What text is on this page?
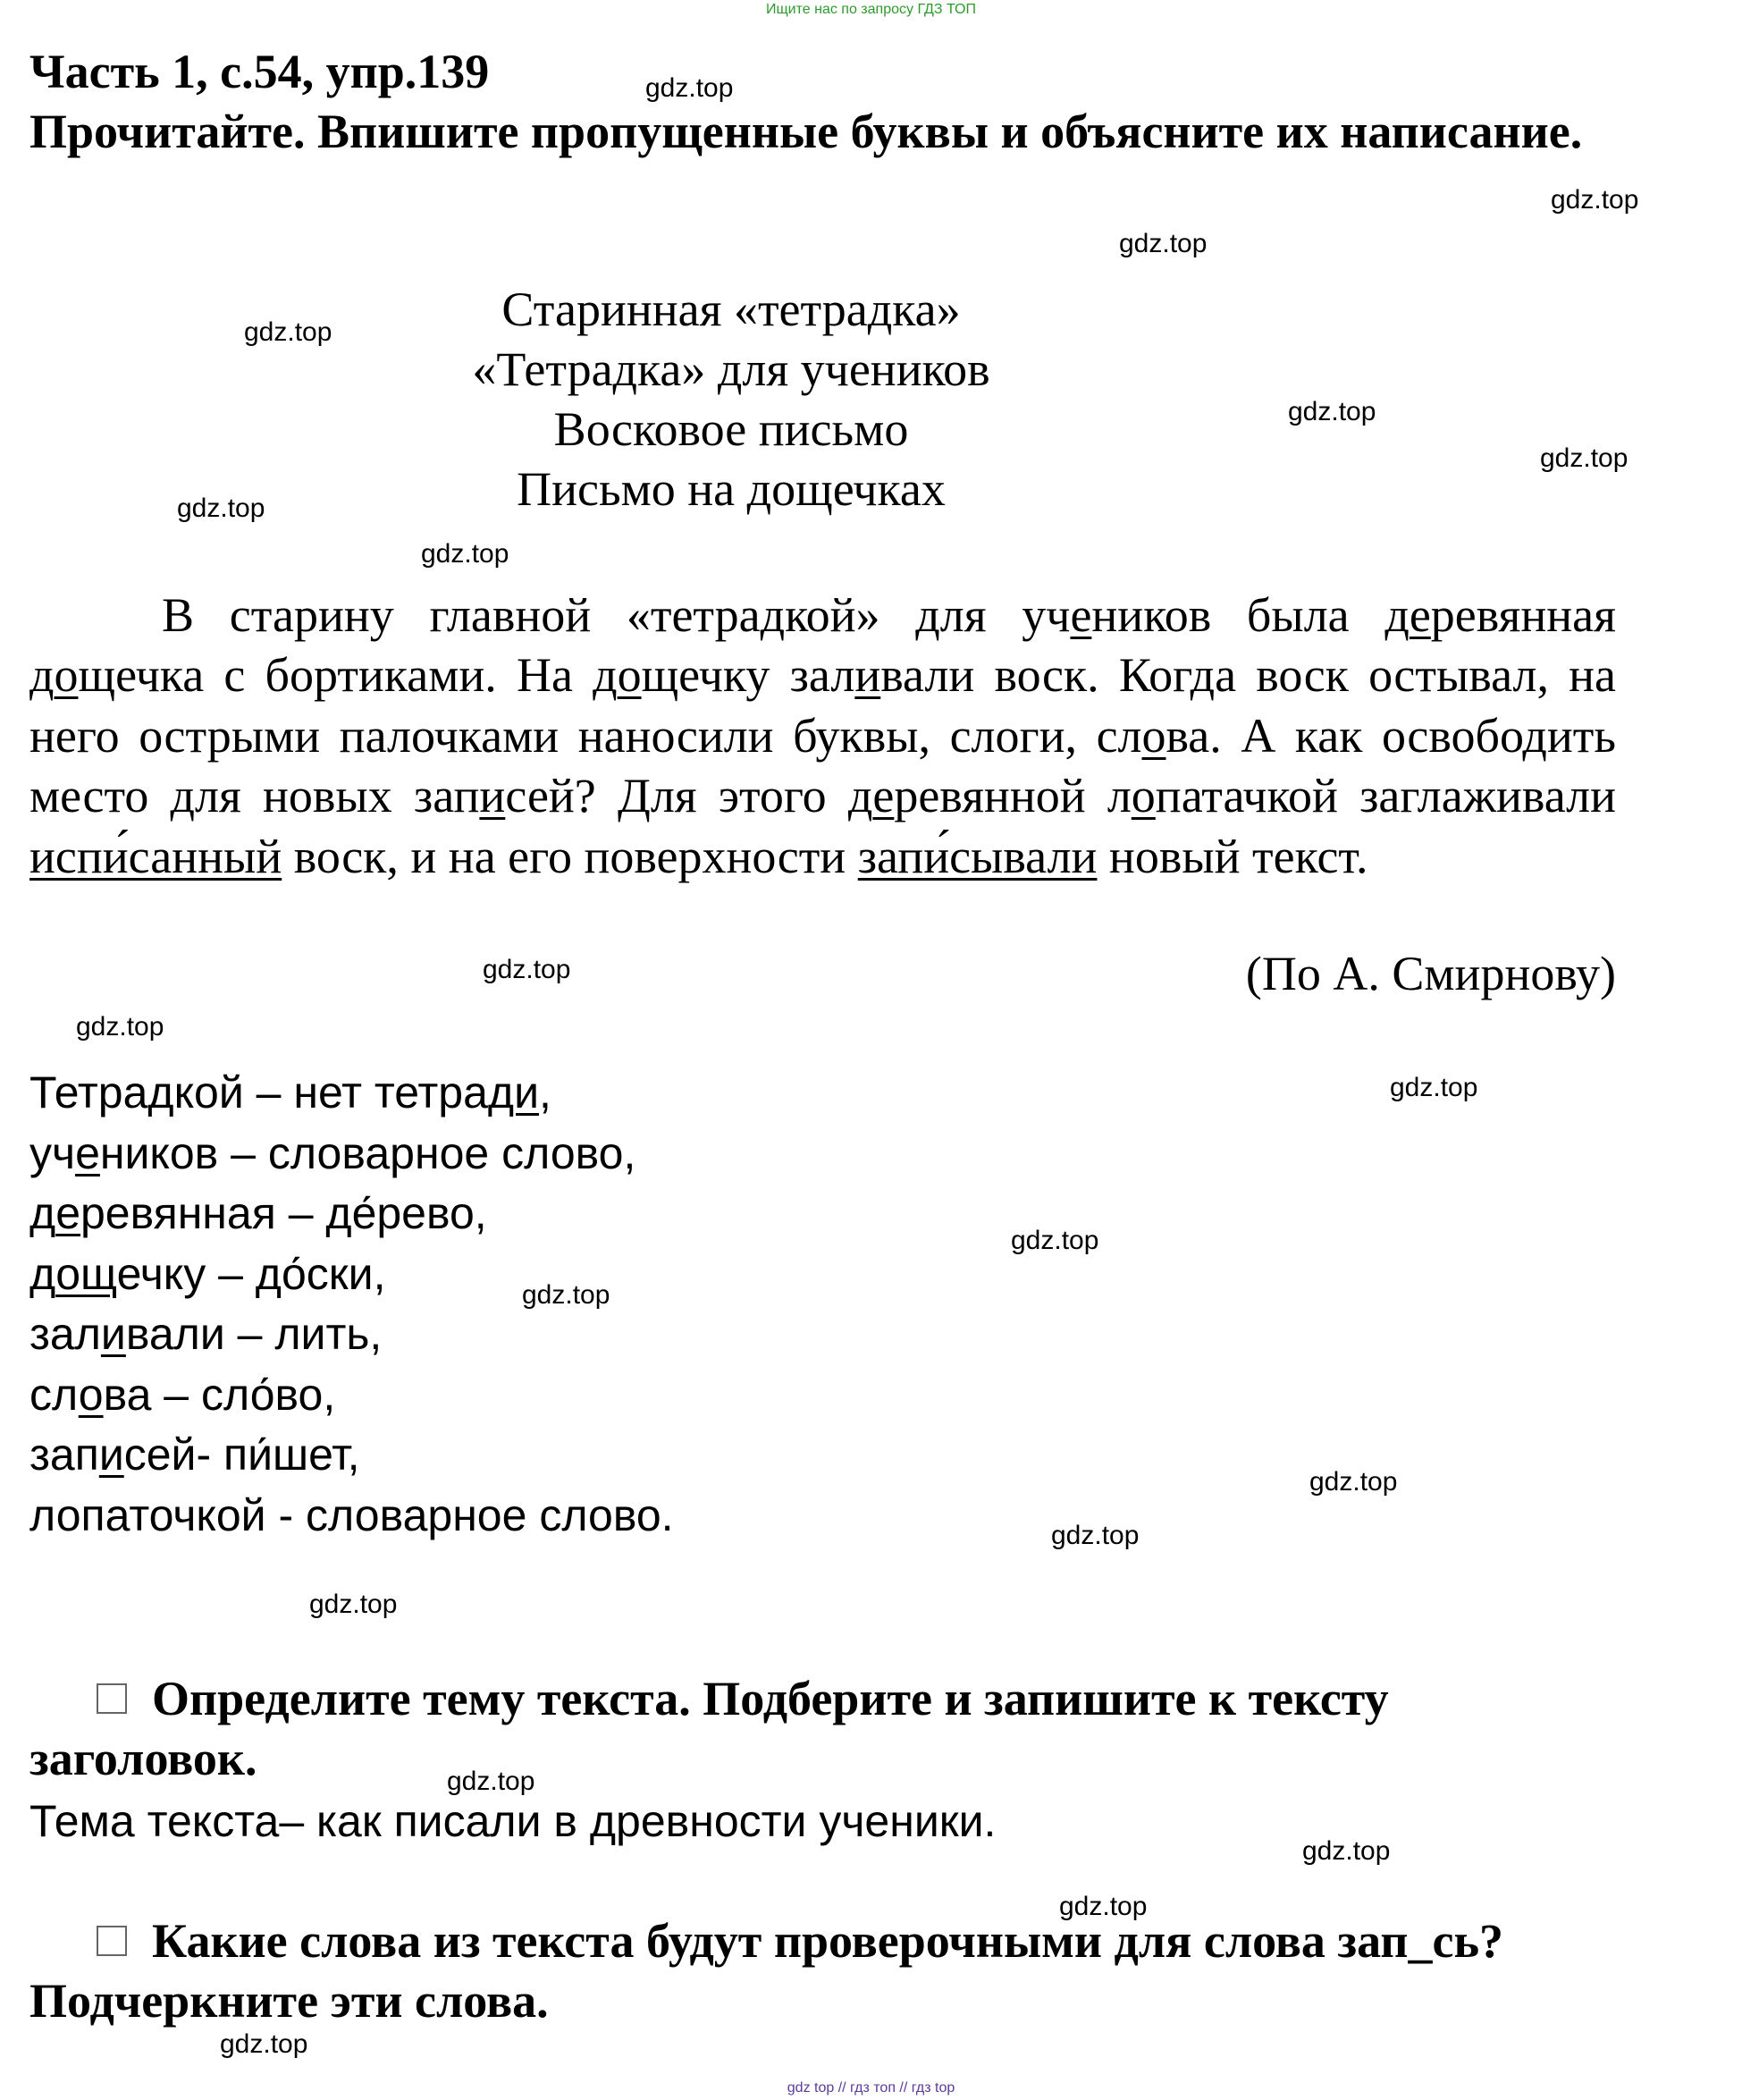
Ищите нас по запросу ГДЗ ТОП
Часть 1, с.54, упр.139
Прочитайте. Впишите пропущенные буквы и объясните их написание.
Старинная «тетрадка»
«Тетрадка» для учеников
Восковое письмо
Письмо на дощечках
В старину главной «тетрадкой» для учеников была деревянная дощечка с бортиками. На дощечку заливали воск. Когда воск остывал, на него острыми палочками наносили буквы, слоги, слова. А как освободить место для новых записей? Для этого деревянной лопатачкой заглаживали испи́санный воск, и на его поверхности запи́сывали новый текст.
(По А. Смирнову)
Тетрадкой – нет тетради,
учеников – словарное слово,
деревянная – де́рево,
дощечку – до́ски,
заливали – лить,
слова – сло́во,
записей- пи́шет,
лопаточкой - словарное слово.
Определите тему текста. Подберите и запишите к тексту заголовок.
Тема текста– как писали в древности ученики.
Какие слова из текста будут проверочными для слова зап_сь? Подчеркните эти слова.
gdz.top
gdz.top
gdz.top
gdz.top
gdz.top
gdz.top
gdz.top
gdz.top
gdz.top
gdz.top
gdz.top
gdz.top
gdz.top
gdz.top
gdz.top
gdz.top
gdz.top
gdz.top
gdz.top
gdz.top
gdz top // гдз топ // гдз top
